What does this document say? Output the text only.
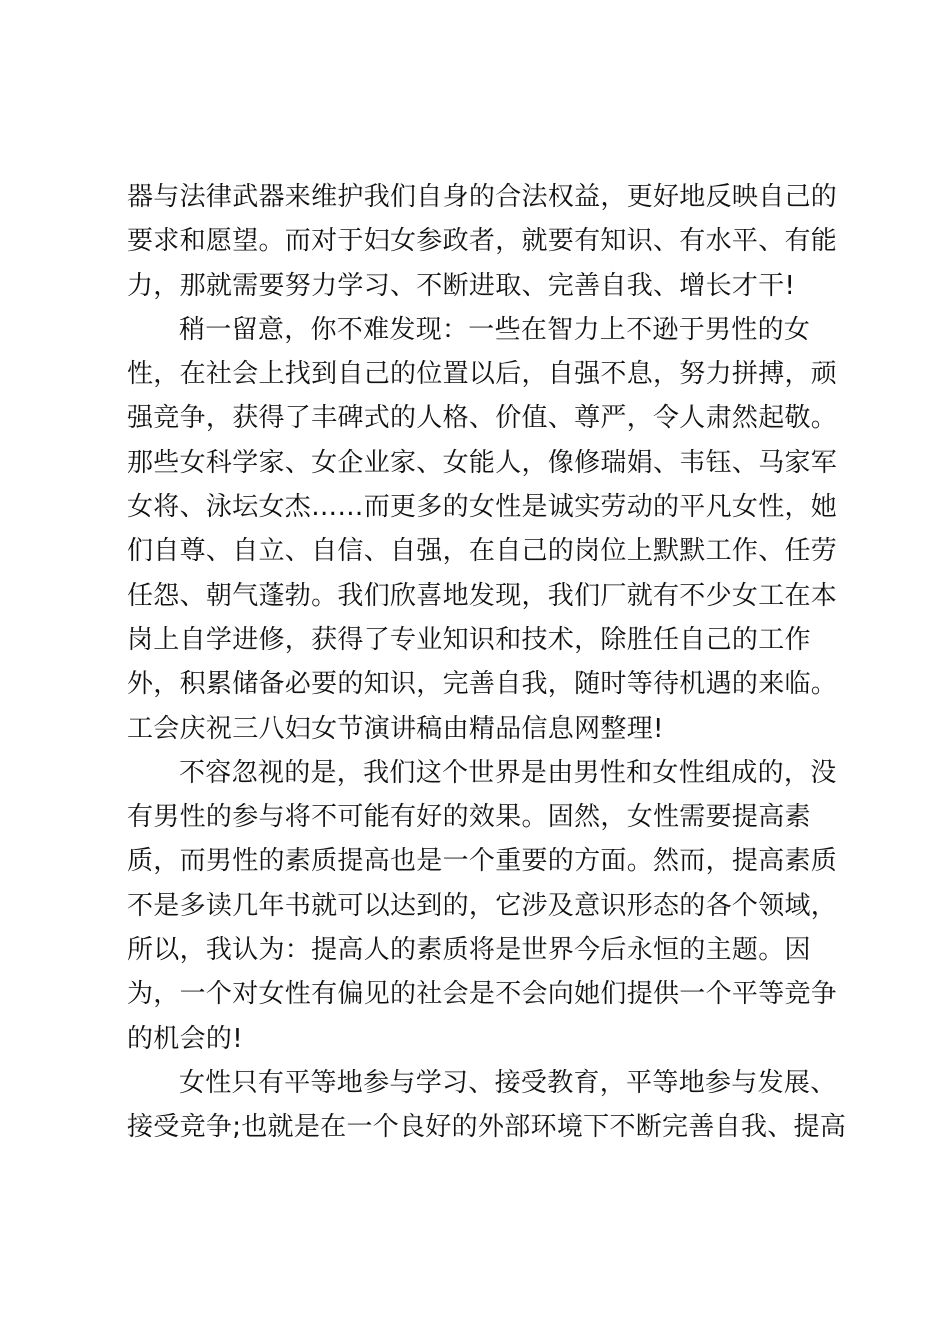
器与法律武器来维护我们自身的合法权益，更好地反映自己的
要求和愿望。而对于妇女参政者，就要有知识、有水平、有能
力，那就需要努力学习、不断进取、完善自我、增长才干!
稍一留意，你不难发现：一些在智力上不逊于男性的女
性，在社会上找到自己的位置以后，自强不息，努力拼搏，顽
强竞争，获得了丰碑式的人格、价值、尊严，令人肃然起敬。
那些女科学家、女企业家、女能人，像修瑞娟、韦钰、马家军
女将、泳坛女杰……而更多的女性是诚实劳动的平凡女性，她
们自尊、自立、自信、自强，在自己的岗位上默默工作、任劳
任怨、朝气蓬勃。我们欣喜地发现，我们厂就有不少女工在本
岗上自学进修，获得了专业知识和技术，除胜任自己的工作
外，积累储备必要的知识，完善自我，随时等待机遇的来临。
工会庆祝三八妇女节演讲稿由精品信息网整理!
不容忽视的是，我们这个世界是由男性和女性组成的，没
有男性的参与将不可能有好的效果。固然，女性需要提高素
质，而男性的素质提高也是一个重要的方面。然而，提高素质
不是多读几年书就可以达到的，它涉及意识形态的各个领域，
所以，我认为：提高人的素质将是世界今后永恒的主题。因
为，一个对女性有偏见的社会是不会向她们提供一个平等竞争
的机会的!
女性只有平等地参与学习、接受教育，平等地参与发展、
接受竞争;也就是在一个良好的外部环境下不断完善自我、提高
